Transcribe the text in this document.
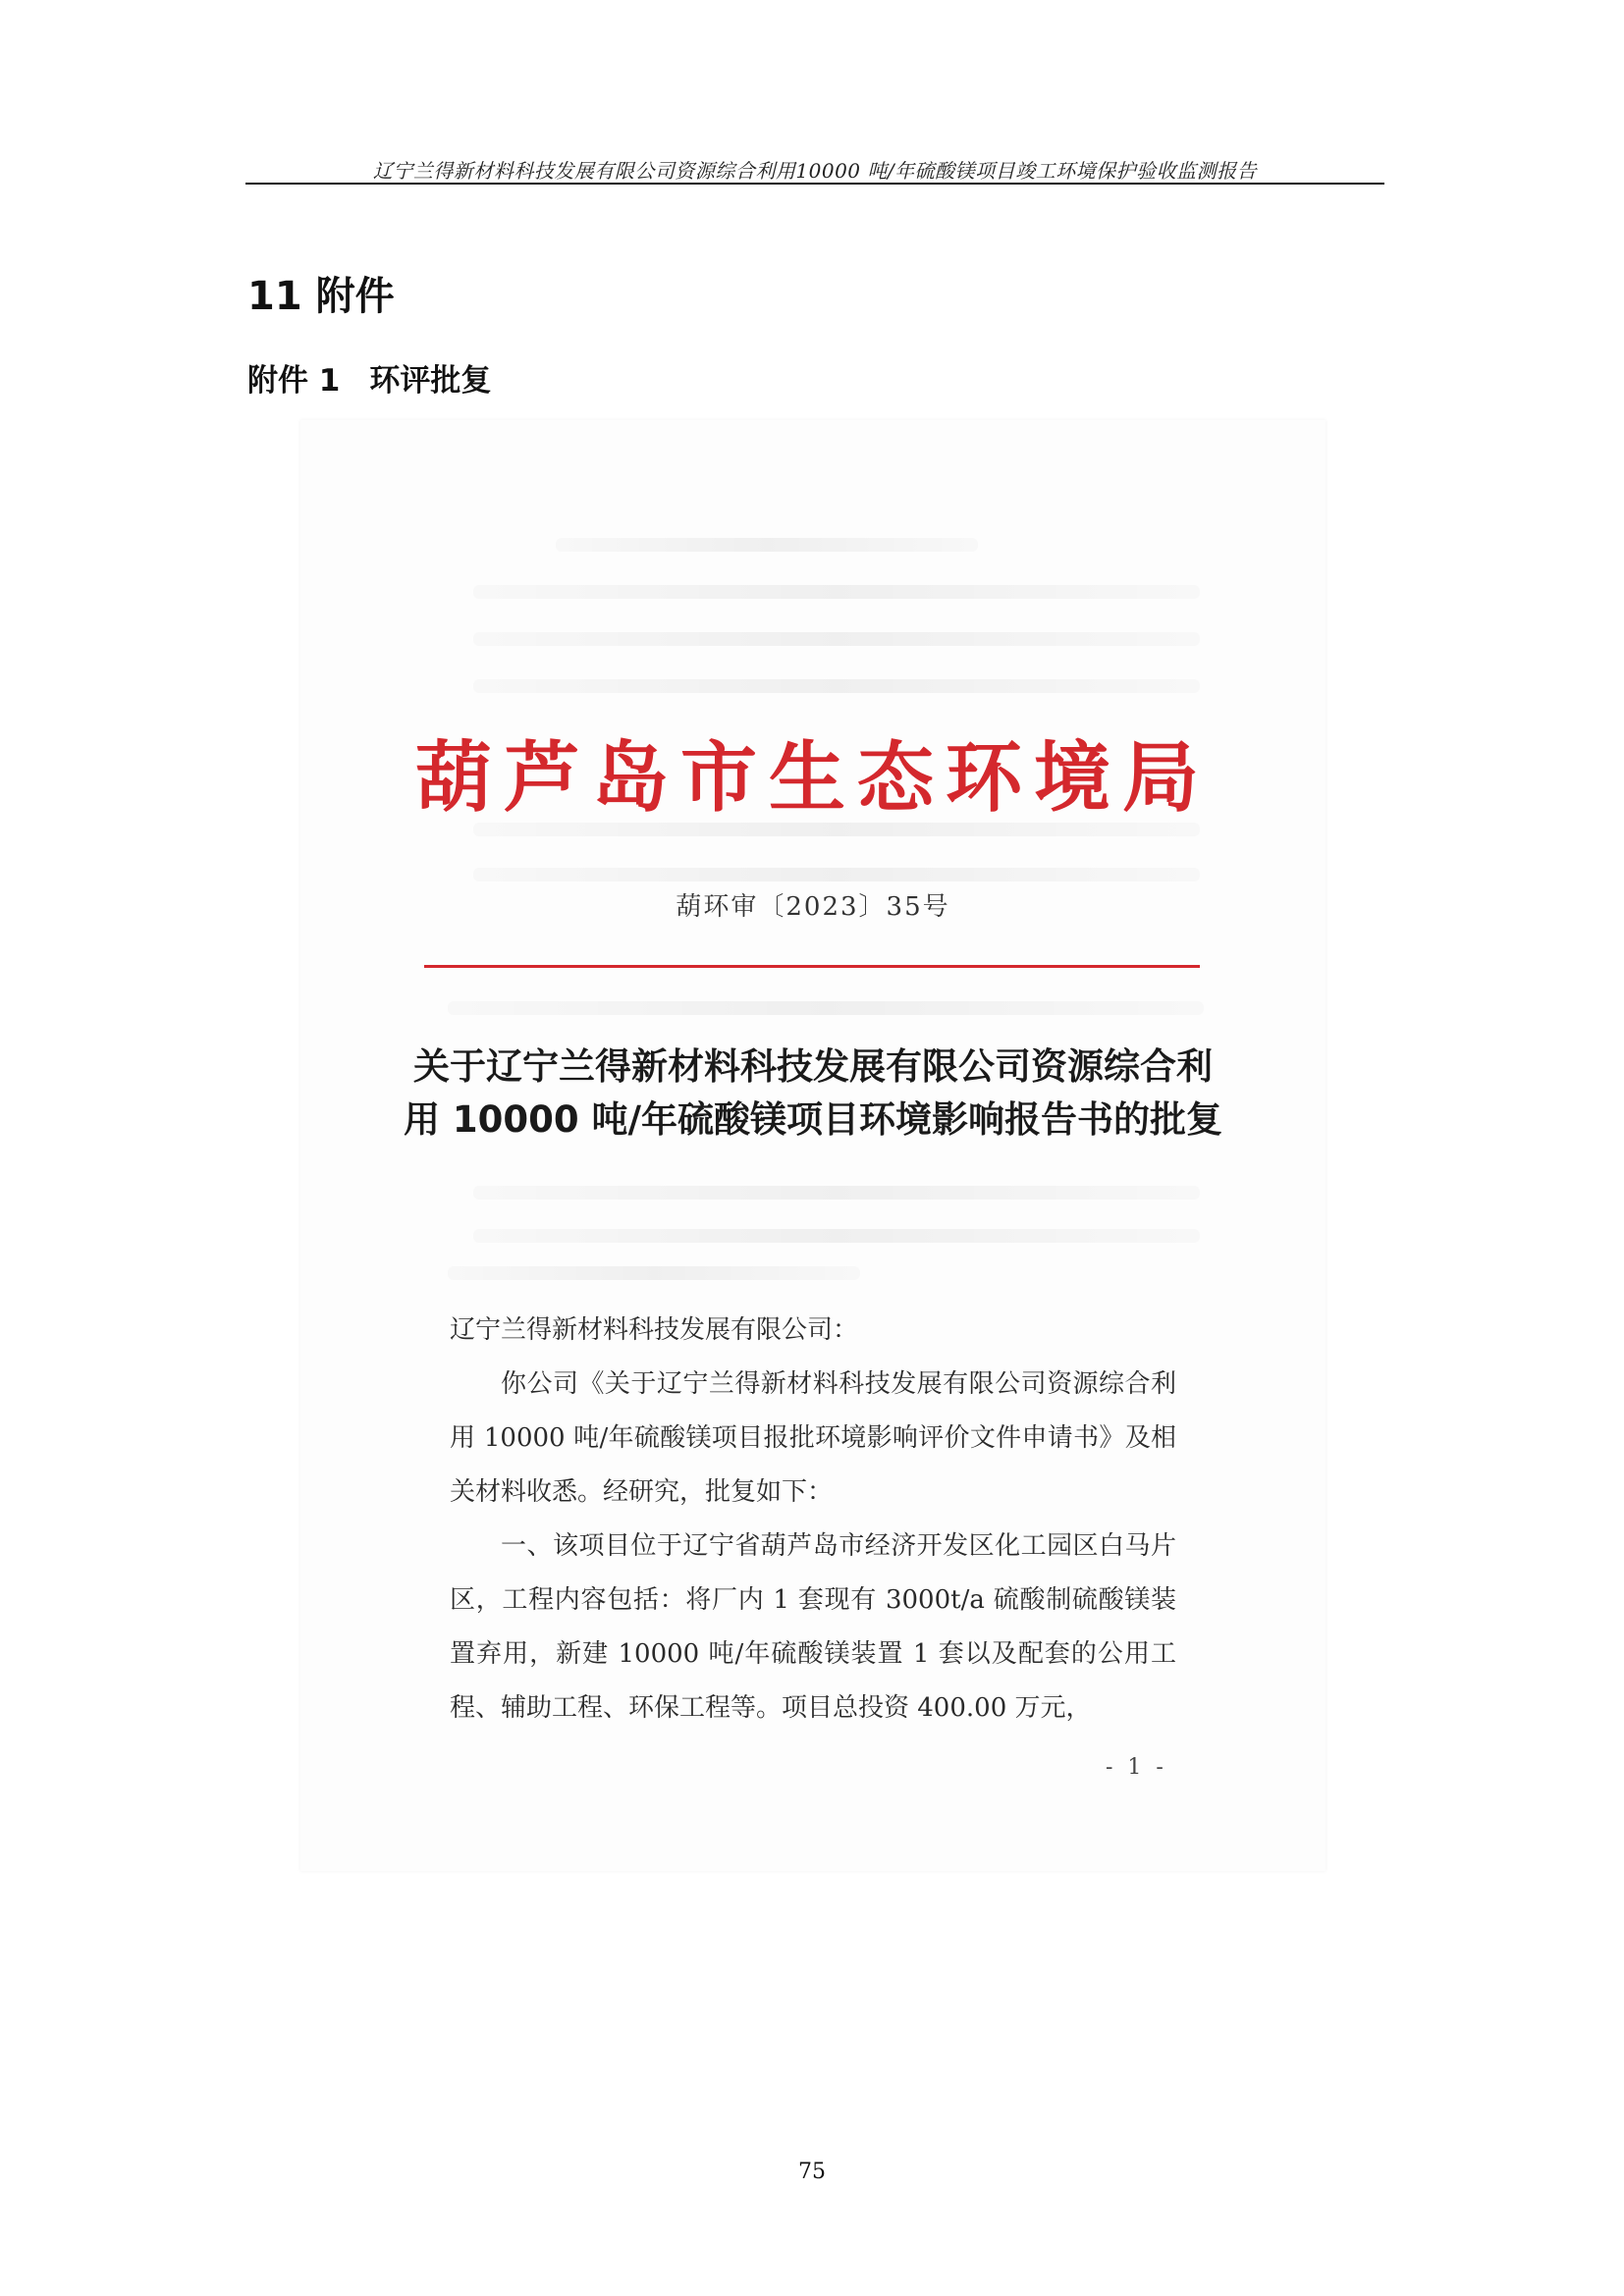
辽宁兰得新材料科技发展有限公司资源综合利用10000 吨/年硫酸镁项目竣工环境保护验收监测报告
11 附件
附件 1 环评批复
葫芦岛市生态环境局
葫环审〔2023〕35号
关于辽宁兰得新材料科技发展有限公司资源综合利用 10000 吨/年硫酸镁项目环境影响报告书的批复

辽宁兰得新材料科技发展有限公司：

你公司《关于辽宁兰得新材料科技发展有限公司资源综合利用 10000 吨/年硫酸镁项目报批环境影响评价文件申请书》及相关材料收悉。经研究，批复如下：

一、该项目位于辽宁省葫芦岛市经济开发区化工园区白马片区，工程内容包括：将厂内 1 套现有 3000t/a 硫酸制硫酸镁装置弃用，新建 10000 吨/年硫酸镁装置 1 套以及配套的公用工程、辅助工程、环保工程等。项目总投资 400.00 万元，

- 1 -
75
